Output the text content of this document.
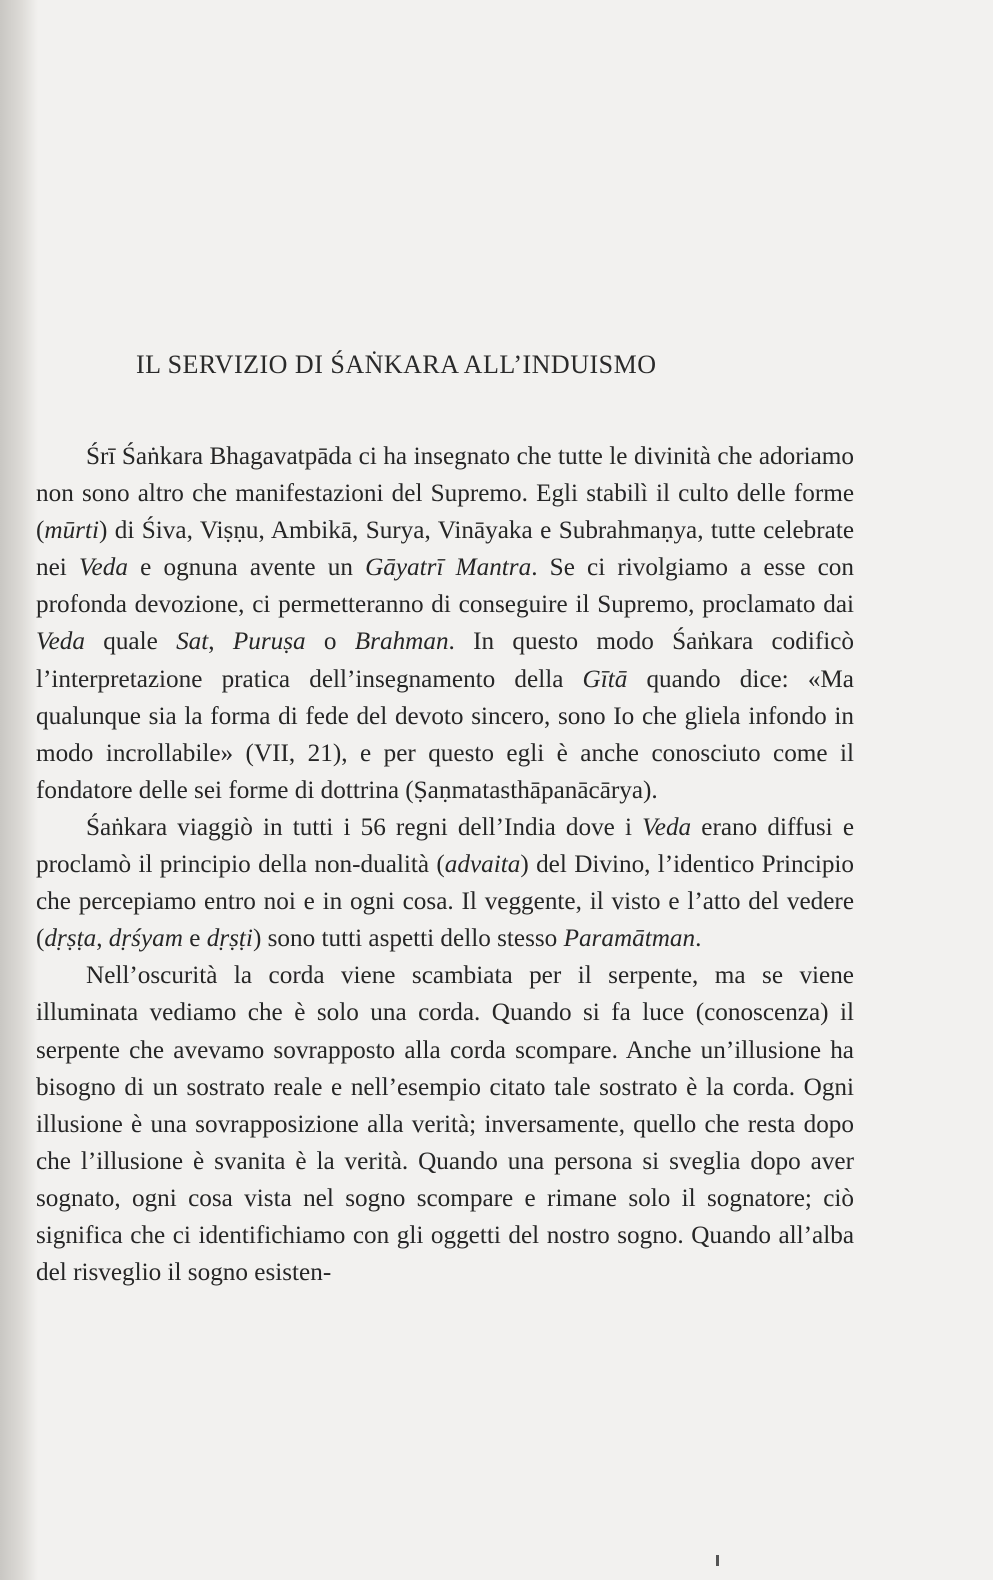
IL SERVIZIO DI ŚAṄKARA ALL’INDUISMO

Śrī Śaṅkara Bhagavatpāda ci ha insegnato che tutte le divinità che adoriamo non sono altro che manifestazioni del Supremo. Egli stabilì il culto delle forme (mūrti) di Śiva, Viṣṇu, Ambikā, Surya, Vināyaka e Subrahmaṇya, tutte celebrate nei Veda e ognuna avente un Gāyatrī Mantra. Se ci rivolgiamo a esse con profonda devozione, ci permetteranno di conseguire il Supremo, proclamato dai Veda quale Sat, Puruṣa o Brahman. In questo modo Śaṅkara codificò l’interpretazione pratica dell’insegnamento della Gītā quando dice: «Ma qualunque sia la forma di fede del devoto sincero, sono Io che gliela infondo in modo incrollabile» (VII, 21), e per questo egli è anche conosciuto come il fondatore delle sei forme di dottrina (Ṣaṇmatasthāpanācārya).

Śaṅkara viaggiò in tutti i 56 regni dell’India dove i Veda erano diffusi e proclamò il principio della non-dualità (advaita) del Divino, l’identico Principio che percepiamo entro noi e in ogni cosa. Il veggente, il visto e l’atto del vedere (dṛṣṭa, dṛśyam e dṛṣṭi) sono tutti aspetti dello stesso Paramātman.

Nell’oscurità la corda viene scambiata per il serpente, ma se viene illuminata vediamo che è solo una corda. Quando si fa luce (conoscenza) il serpente che avevamo sovrapposto alla corda scompare. Anche un’illusione ha bisogno di un sostrato reale e nell’esempio citato tale sostrato è la corda. Ogni illusione è una sovrapposizione alla verità; inversamente, quello che resta dopo che l’illusione è svanita è la verità. Quando una persona si sveglia dopo aver sognato, ogni cosa vista nel sogno scompare e rimane solo il sognatore; ciò significa che ci identifichiamo con gli oggetti del nostro sogno. Quando all’alba del risveglio il sogno esisten-
